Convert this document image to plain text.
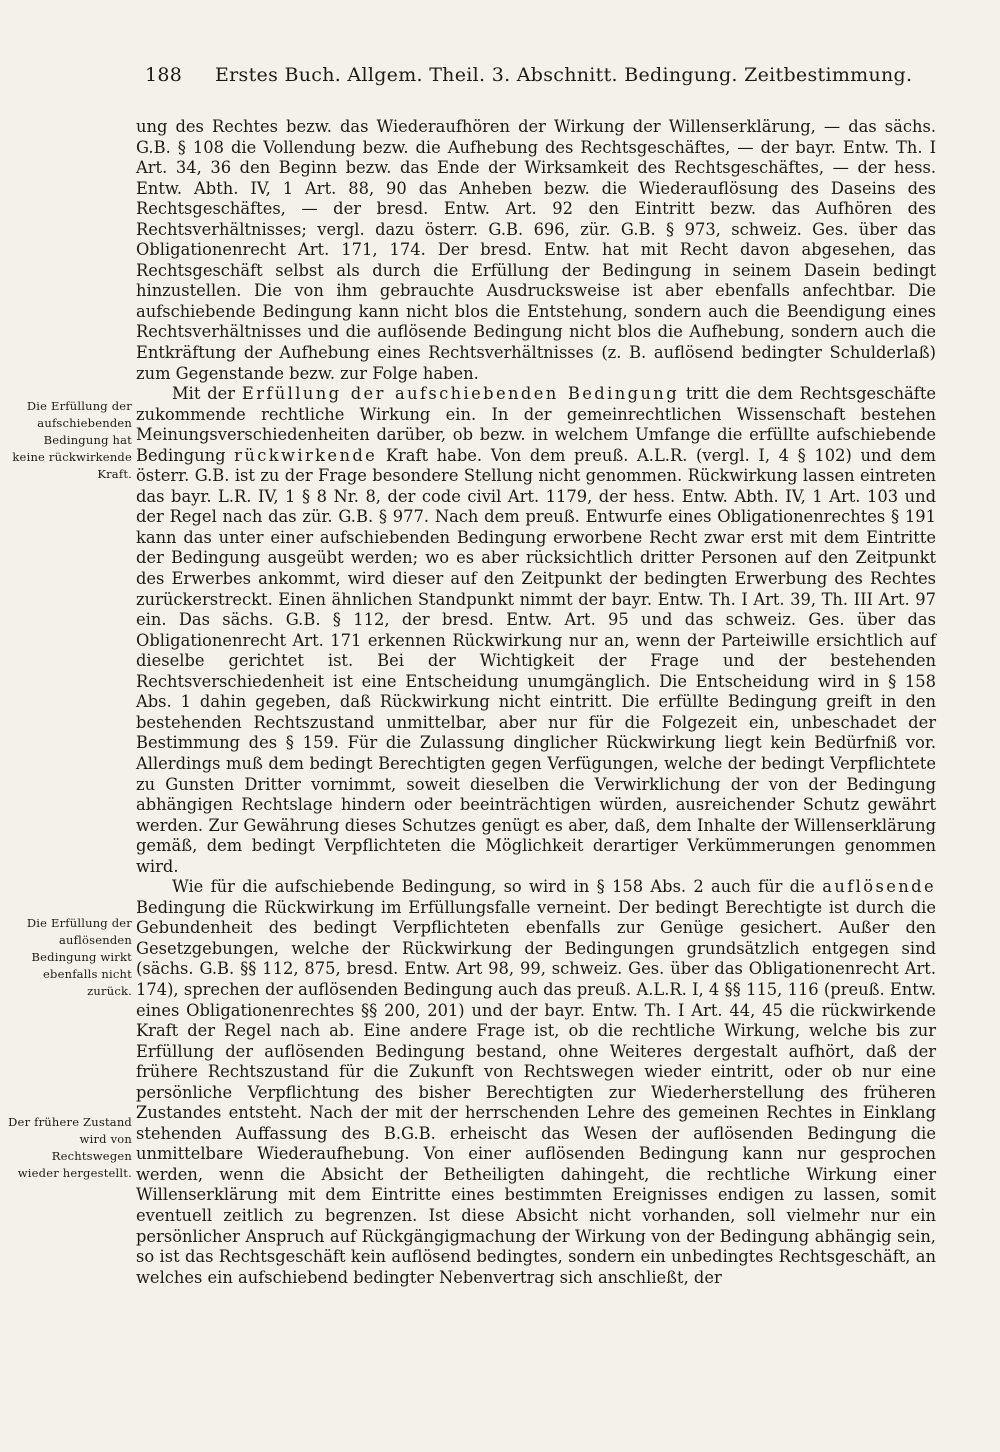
188 Erstes Buch. Allgem. Theil. 3. Abschnitt. Bedingung. Zeitbestimmung.
Die Erfüllung der aufschiebenden Bedingung hat keine rückwirkende Kraft.
Die Erfüllung der auflösenden Bedingung wirkt ebenfalls nicht zurück.
Der frühere Zustand wird von Rechtswegen wieder hergestellt.

ung des Rechtes bezw. das Wiederaufhören der Wirkung der Willenserklärung, — das sächs. G.B. § 108 die Vollendung bezw. die Aufhebung des Rechtsgeschäftes, — der bayr. Entw. Th. I Art. 34, 36 den Beginn bezw. das Ende der Wirksamkeit des Rechtsgeschäftes, — der hess. Entw. Abth. IV, 1 Art. 88, 90 das Anheben bezw. die Wiederauflösung des Daseins des Rechtsgeschäftes, — der bresd. Entw. Art. 92 den Eintritt bezw. das Aufhören des Rechtsverhältnisses; vergl. dazu österr. G.B. 696, zür. G.B. § 973, schweiz. Ges. über das Obligationenrecht Art. 171, 174. Der bresd. Entw. hat mit Recht davon abgesehen, das Rechtsgeschäft selbst als durch die Erfüllung der Bedingung in seinem Dasein bedingt hinzustellen. Die von ihm gebrauchte Ausdrucksweise ist aber ebenfalls anfechtbar. Die aufschiebende Bedingung kann nicht blos die Entstehung, sondern auch die Beendigung eines Rechtsverhältnisses und die auflösende Bedingung nicht blos die Aufhebung, sondern auch die Entkräftung der Aufhebung eines Rechtsverhältnisses (z. B. auflösend bedingter Schulderlaß) zum Gegenstande bezw. zur Folge haben.

Mit der Erfüllung der aufschiebenden Bedingung tritt die dem Rechtsgeschäfte zukommende rechtliche Wirkung ein. In der gemeinrechtlichen Wissenschaft bestehen Meinungsverschiedenheiten darüber, ob bezw. in welchem Umfange die erfüllte aufschiebende Bedingung rückwirkende Kraft habe. Von dem preuß. A.L.R. (vergl. I, 4 § 102) und dem österr. G.B. ist zu der Frage besondere Stellung nicht genommen. Rückwirkung lassen eintreten das bayr. L.R. IV, 1 § 8 Nr. 8, der code civil Art. 1179, der hess. Entw. Abth. IV, 1 Art. 103 und der Regel nach das zür. G.B. § 977. Nach dem preuß. Entwurfe eines Obligationenrechtes § 191 kann das unter einer aufschiebenden Bedingung erworbene Recht zwar erst mit dem Eintritte der Bedingung ausgeübt werden; wo es aber rücksichtlich dritter Personen auf den Zeitpunkt des Erwerbes ankommt, wird dieser auf den Zeitpunkt der bedingten Erwerbung des Rechtes zurückerstreckt. Einen ähnlichen Standpunkt nimmt der bayr. Entw. Th. I Art. 39, Th. III Art. 97 ein. Das sächs. G.B. § 112, der bresd. Entw. Art. 95 und das schweiz. Ges. über das Obligationenrecht Art. 171 erkennen Rückwirkung nur an, wenn der Parteiwille ersichtlich auf dieselbe gerichtet ist. Bei der Wichtigkeit der Frage und der bestehenden Rechtsverschiedenheit ist eine Entscheidung unumgänglich. Die Entscheidung wird in § 158 Abs. 1 dahin gegeben, daß Rückwirkung nicht eintritt. Die erfüllte Bedingung greift in den bestehenden Rechtszustand unmittelbar, aber nur für die Folgezeit ein, unbeschadet der Bestimmung des § 159. Für die Zulassung dinglicher Rückwirkung liegt kein Bedürfniß vor. Allerdings muß dem bedingt Berechtigten gegen Verfügungen, welche der bedingt Verpflichtete zu Gunsten Dritter vornimmt, soweit dieselben die Verwirklichung der von der Bedingung abhängigen Rechtslage hindern oder beeinträchtigen würden, ausreichender Schutz gewährt werden. Zur Gewährung dieses Schutzes genügt es aber, daß, dem Inhalte der Willenserklärung gemäß, dem bedingt Verpflichteten die Möglichkeit derartiger Verkümmerungen genommen wird.

Wie für die aufschiebende Bedingung, so wird in § 158 Abs. 2 auch für die auflösende Bedingung die Rückwirkung im Erfüllungsfalle verneint. Der bedingt Berechtigte ist durch die Gebundenheit des bedingt Verpflichteten ebenfalls zur Genüge gesichert. Außer den Gesetzgebungen, welche der Rückwirkung der Bedingungen grundsätzlich entgegen sind (sächs. G.B. §§ 112, 875, bresd. Entw. Art 98, 99, schweiz. Ges. über das Obligationenrecht Art. 174), sprechen der auflösenden Bedingung auch das preuß. A.L.R. I, 4 §§ 115, 116 (preuß. Entw. eines Obligationenrechtes §§ 200, 201) und der bayr. Entw. Th. I Art. 44, 45 die rückwirkende Kraft der Regel nach ab. Eine andere Frage ist, ob die rechtliche Wirkung, welche bis zur Erfüllung der auflösenden Bedingung bestand, ohne Weiteres dergestalt aufhört, daß der frühere Rechtszustand für die Zukunft von Rechtswegen wieder eintritt, oder ob nur eine persönliche Verpflichtung des bisher Berechtigten zur Wiederherstellung des früheren Zustandes entsteht. Nach der mit der herrschenden Lehre des gemeinen Rechtes in Einklang stehenden Auffassung des B.G.B. erheischt das Wesen der auflösenden Bedingung die unmittelbare Wiederaufhebung. Von einer auflösenden Bedingung kann nur gesprochen werden, wenn die Absicht der Betheiligten dahingeht, die rechtliche Wirkung einer Willenserklärung mit dem Eintritte eines bestimmten Ereignisses endigen zu lassen, somit eventuell zeitlich zu begrenzen. Ist diese Absicht nicht vorhanden, soll vielmehr nur ein persönlicher Anspruch auf Rückgängigmachung der Wirkung von der Bedingung abhängig sein, so ist das Rechtsgeschäft kein auflösend bedingtes, sondern ein unbedingtes Rechtsgeschäft, an welches ein aufschiebend bedingter Nebenvertrag sich anschließt, der
